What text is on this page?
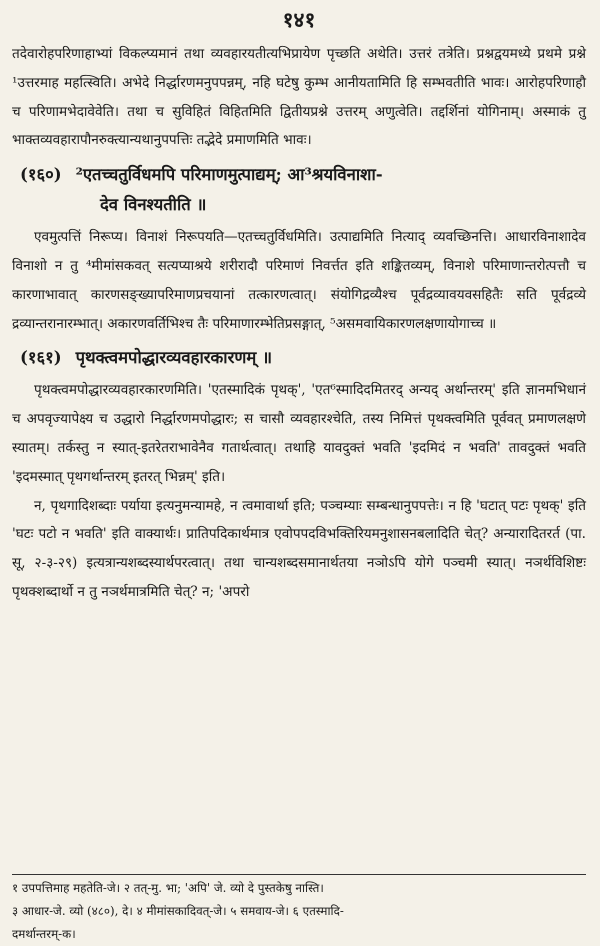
१४१

तदेवारोहपरिणाहाभ्यां विकल्प्यमानं तथा व्यवहारयतीत्यभिप्रायेण पृच्छति अथेति। उत्तरं तत्रेति। प्रश्नद्वयमध्ये प्रथमे प्रश्ने ¹उत्तरमाह महत्स्विति। अभेदे निर्द्धारणमनुपपन्नम्, नहि घटेषु कुम्भ आनीयतामिति हि सम्भवतीति भावः। आरोहपरिणाहौ च परिणामभेदावेवेति। तथा च सुविहितं विहितमिति द्वितीयप्रश्ने उत्तरम् अणुत्वेति। तद्दर्शिनां योगिनाम्। अस्माकं तु भाक्तव्यवहारापौनरुक्त्यान्यथानुपपत्तिः तद्भेदे प्रमाणमिति भावः।

(१६०) ²एतच्चतुर्विधमपि परिमाणमुत्पाद्यम्; आ³श्रयविनाशा-
देव विनश्यतीति ॥

एवमुत्पत्तिं निरूप्य। विनाशं निरूपयति—एतच्चतुर्विधमिति। उत्पाद्यमिति नित्याद् व्यवच्छिनत्ति। आधारविनाशादेव विनाशो न तु ⁴मीमांसकवत् सत्यप्याश्रये शरीरादौ परिमाणं निवर्त्तत इति शङ्कितव्यम्, विनाशे परिमाणान्तरोत्पत्तौ च कारणाभावात् कारणसङ्ख्यापरिमाणप्रचयानां तत्कारणत्वात्। संयोगिद्रव्यैश्च पूर्वद्रव्यावयवसहितैः सति पूर्वद्रव्ये द्रव्यान्तरानारम्भात्। अकारणवर्तिभिश्च तैः परिमाणारम्भेतिप्रसङ्गात्, ⁵असमवायिकारणलक्षणायोगाच्च ॥

(१६१) पृथक्त्वमपोद्धारव्यवहारकारणम् ॥

पृथक्त्वमपोद्धारव्यवहारकारणमिति। 'एतस्मादिकं पृथक्', 'एत⁶स्मादिदमितरद् अन्यद् अर्थान्तरम्' इति ज्ञानमभिधानं च अपवृज्यापेक्ष्य च उद्धारो निर्द्धारणमपोद्धारः; स चासौ व्यवहारश्चेति, तस्य निमित्तं पृथक्त्वमिति पूर्ववत् प्रमाणलक्षणे स्यातम्। तर्कस्तु न स्यात्-इतरेतराभावेनैव गतार्थत्वात्। तथाहि यावदुक्तं भवति 'इदमिदं न भवति' तावदुक्तं भवति 'इदमस्मात् पृथगर्थान्तरम् इतरत् भिन्नम्' इति।

न, पृथगादिशब्दाः पर्याया इत्यनुमन्यामहे, न त्वमावार्था इति; पञ्चम्याः सम्बन्धानुपपत्तेः। न हि 'घटात् पटः पृथक्' इति 'घटः पटो न भवति' इति वाक्यार्थः। प्रातिपदिकार्थमात्र एवोपपदविभक्तिरियमनुशासनबलादिति चेत्? अन्यारादितरर्त (पा. सू, २-३-२९) इत्यत्रान्यशब्दस्यार्थपरत्वात्। तथा चान्यशब्दसमानार्थतया नञोऽपि योगे पञ्चमी स्यात्। नञर्थविशिष्टः पृथक्शब्दार्थो न तु नञर्थमात्रमिति चेत्? न; 'अपरो

१ उपपत्तिमाह महतेति-जे। २ तत्-मु. भा; 'अपि' जे. व्यो दे पुस्तकेषु नास्ति।

३ आधार-जे. व्यो (४८०), दे। ४ मीमांसकादिवत्-जे। ५ समवाय-जे। ६ एतस्मादि-

दमर्थान्तरम्-क।
